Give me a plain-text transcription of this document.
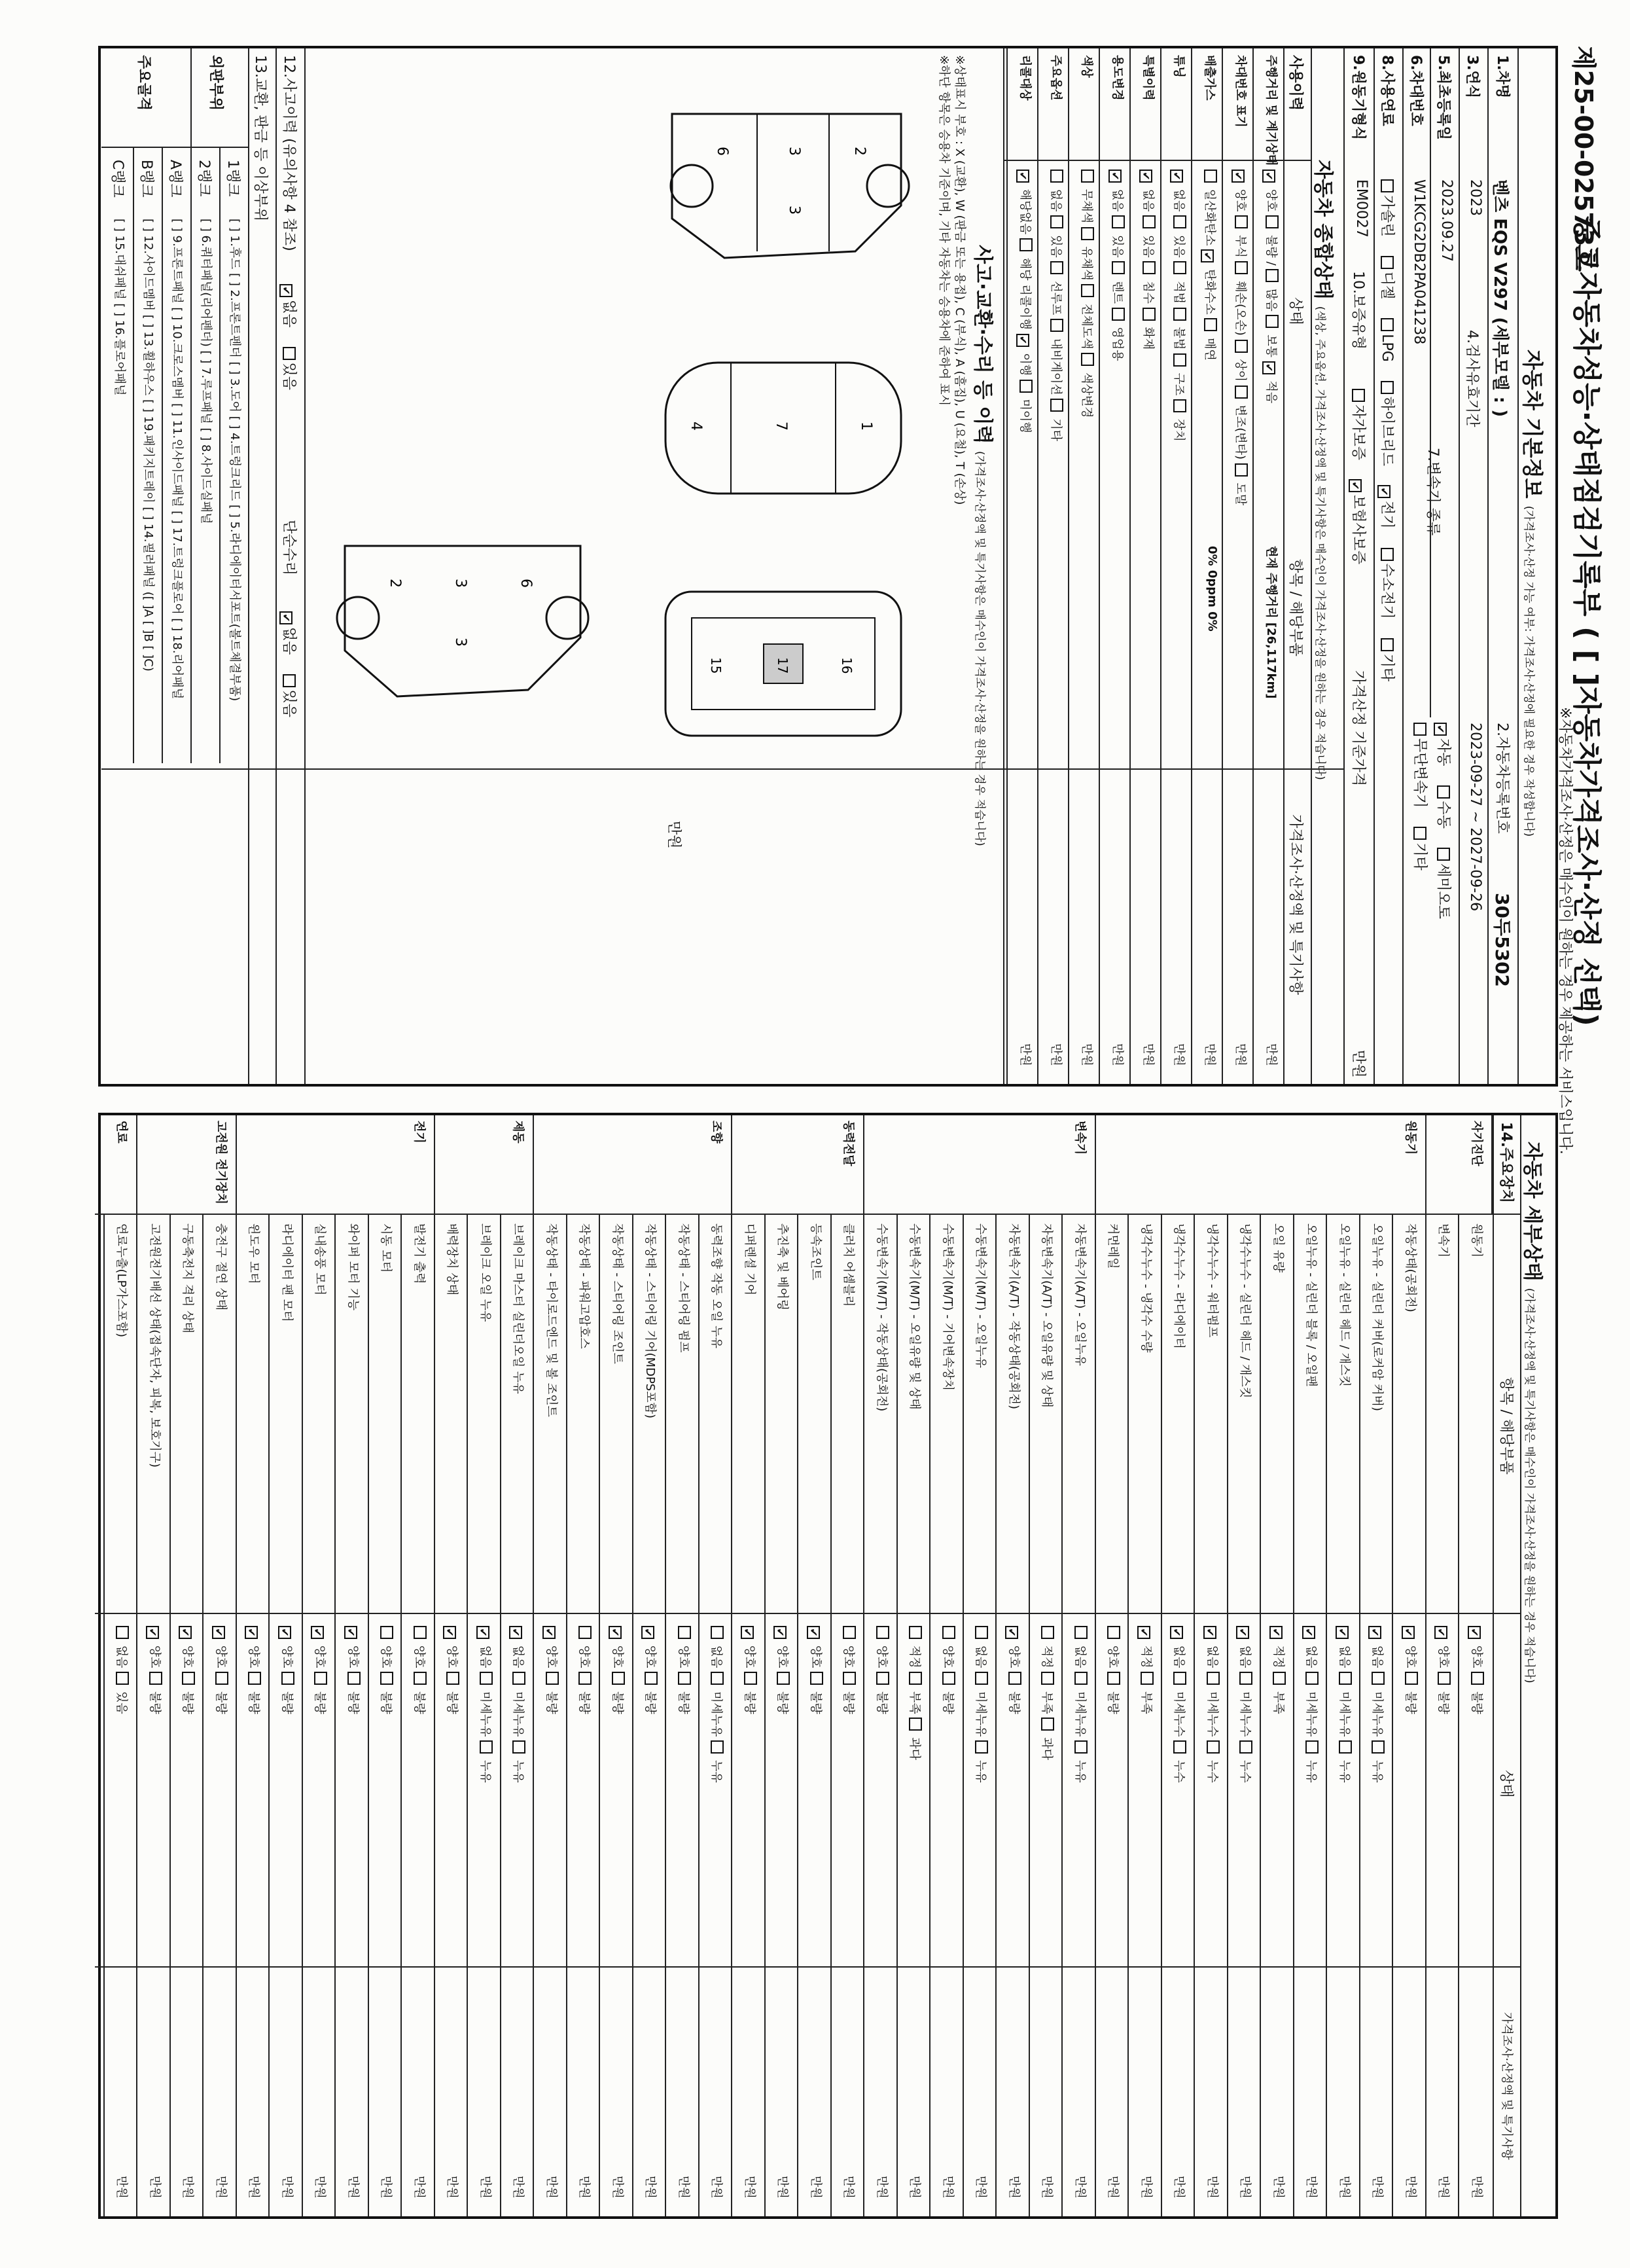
제25-00-02573호
중고자동차성능·상태점검기록부 ( [ ]자동차가격조사·산정 선택)
※자동차가격조사·산정은 매수인이 원하는 경우 제공하는 서비스입니다.
자동차 기본정보 (가격조사·산정 가능 여부: 가격조사·산정에 필요한 경우 작성합니다)
1.차명
벤츠 EQS V297 (세부모델 : )
2.자동차등록번호
30두5302
3.연식
2023
4.검사유효기간
2023-09-27 ~ 2027-09-26
5.최초등록일
2023.09.27
7.변속기 종류
✔자동 수동 세미오토
무단변속기 기타
6.차대번호
W1KCG2DB2PA041238
8.사용연료
가솔린 디젤 LPG 하이브리드 ✔전기 수소전기 기타
9.원동기형식
EM0027
10.보증유형
자가보증 ✔보험사보증
가격산정 기준가격
만원
자동차 종합상태 (색상, 주요옵션, 가격조사·산정액 및 특기사항은 매수인이 가격조사·산정을 원하는 경우 적습니다)
사용이력
상태
항목 / 해당부품
가격조사·산정액 및 특기사항
주행거리 및 계기상태
✔ 양호  불량 /  많음  보통 ✔ 적음
현재 주행거리 [26,117km]
만원
차대번호 표기
✔ 양호  부식  훼손(오손)  상이  변조(변타)  도말
만원
배출가스
일산화탄소 ✔ 탄화수소  매연
0% 0ppm 0%
만원
튜닝
✔ 없음  있음  적법  불법  구조  장치
만원
특별이력
✔ 없음  있음  침수  화재
만원
용도변경
✔ 없음  있음  렌트  영업용
만원
색상
무채색  유채색  전체도색  색상변경
만원
주요옵션
없음  있음  선루프  내비게이션  기타
만원
리콜대상
✔ 해당없음  해당 리콜이행 ✔ 이행  미이행
만원
사고·교환·수리 등 이력 (가격조사·산정액 및 특기사항은 매수인이 가격조사·산정을 원하는 경우 적습니다)
※상태표시 부호 : X (교환), W (판금 또는 용접), C (부식), A (흠집), U (요철), T (손상)
※하단 항목은 승용차 기준이며, 기타 자동차는 승용차에 준하여 표시
만원
2
3
3
6
1
7
4
17	16
15
6
3
3
2
12.사고이력 (유의사항 4 참조)
✔없음 있음
단순수리
✔없음 있음
13.교환, 판금 등 이상부위
외판부위
1랭크
[ ] 1.후드 [ ] 2.프론트펜더 [ ] 3.도어 [ ] 4.트렁크리드 [ ] 5.라디에이터서포트(볼트체결부품)
2랭크
[ ] 6.쿼터패널(리어펜더) [ ] 7.루프패널 [ ] 8.사이드실패널
주요골격
A랭크
[ ] 9.프론트패널 [ ] 10.크로스멤버 [ ] 11.인사이드패널 [ ] 17.트렁크플로어 [ ] 18.리어패널
B랭크
[ ] 12.사이드멤버 [ ] 13.휠하우스 [ ] 19.패키지트레이 [ ] 14.필러패널 ([ ]A [ ]B [ ]C)
C랭크
[ ] 15.대쉬패널 [ ] 16.플로어패널
자동차 세부상태 (가격조사·산정액 및 특기사항은 매수인이 가격조사·산정을 원하는 경우 적습니다)
14.주요장치
항목 / 해당부품
상태
가격조사·산정액 및 특기사항
자기진단
원동기
✔ 양호  불량
만원
변속기
✔ 양호  불량
만원
원동기
작동상태(공회전)
✔ 양호  불량
만원
오일누유 - 실린더 커버(로커암 커버)
✔ 없음  미세누유  누유
만원
오일누유 - 실린더 헤드 / 개스킷
✔ 없음  미세누유  누유
만원
오일누유 - 실린더 블록 / 오일팬
✔ 없음  미세누유  누유
만원
오일 유량
✔ 적정  부족
만원
냉각수누수 - 실린더 헤드 / 개스킷
✔ 없음  미세누수  누수
만원
냉각수누수 - 워터펌프
✔ 없음  미세누수  누수
만원
냉각수누수 - 라디에이터
✔ 없음  미세누수  누수
만원
냉각수누수 - 냉각수 수량
✔ 적정  부족
만원
커먼레일
양호  불량
만원
변속기
자동변속기(A/T) - 오일누유
없음  미세누유  누유
만원
자동변속기(A/T) - 오일유량 및 상태
적정  부족  과다
만원
자동변속기(A/T) - 작동상태(공회전)
✔ 양호  불량
만원
수동변속기(M/T) - 오일누유
없음  미세누유  누유
만원
수동변속기(M/T) - 기어변속장치
양호  불량
만원
수동변속기(M/T) - 오일유량 및 상태
적정  부족  과다
만원
수동변속기(M/T) - 작동상태(공회전)
양호  불량
만원
동력전달
클러치 어셈블리
양호  불량
만원
등속조인트
✔ 양호  불량
만원
추진축 및 베어링
✔ 양호  불량
만원
디퍼렌셜 기어
✔ 양호  불량
만원
조향
동력조향 작동 오일 누유
없음  미세누유  누유
만원
작동상태 - 스티어링 펌프
양호  불량
만원
작동상태 - 스티어링 기어(MDPS포함)
✔ 양호  불량
만원
작동상태 - 스티어링 조인트
✔ 양호  불량
만원
작동상태 - 파워고압호스
양호  불량
만원
작동상태 - 타이로드엔드 및 볼 조인트
✔ 양호  불량
만원
제동
브레이크 마스터 실린더오일 누유
✔ 없음  미세누유  누유
만원
브레이크 오일 누유
✔ 없음  미세누유  누유
만원
배력장치 상태
✔ 양호  불량
만원
전기
발전기 출력
양호  불량
만원
시동 모터
양호  불량
만원
와이퍼 모터 기능
✔ 양호  불량
만원
실내송풍 모터
✔ 양호  불량
만원
라디에이터 팬 모터
✔ 양호  불량
만원
윈도우 모터
✔ 양호  불량
만원
고전원 전기장치
충전구 절연 상태
✔ 양호  불량
만원
구동축전지 격리 상태
✔ 양호  불량
만원
고전원전기배선 상태(접속단자, 피복, 보호기구)
✔ 양호  불량
만원
연료
연료누출(LP가스포함)
없음  있음
만원
